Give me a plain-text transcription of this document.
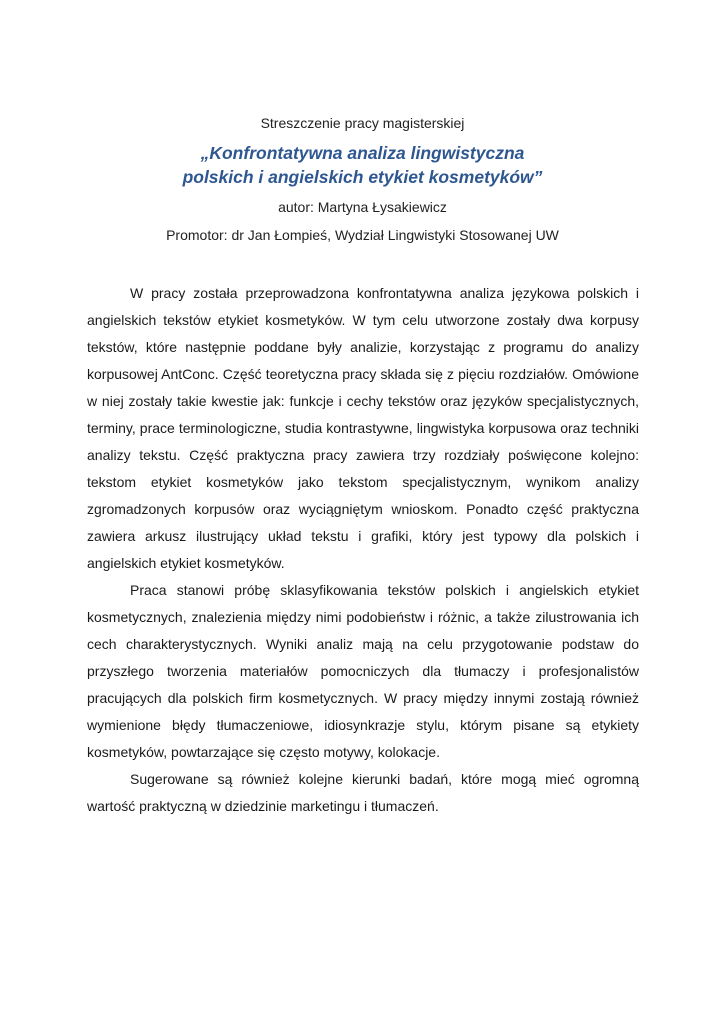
Streszczenie pracy magisterskiej

„Konfrontatywna analiza lingwistyczna
polskich i angielskich etykiet kosmetyków”

autor: Martyna Łysakiewicz

Promotor: dr Jan Łompieś, Wydział Lingwistyki Stosowanej UW

W pracy została przeprowadzona konfrontatywna analiza językowa polskich i angielskich tekstów etykiet kosmetyków. W tym celu utworzone zostały dwa korpusy tekstów, które następnie poddane były analizie, korzystając z programu do analizy korpusowej AntConc. Część teoretyczna pracy składa się z pięciu rozdziałów. Omówione w niej zostały takie kwestie jak: funkcje i cechy tekstów oraz języków specjalistycznych, terminy, prace terminologiczne, studia kontrastywne, lingwistyka korpusowa oraz techniki analizy tekstu. Część praktyczna pracy zawiera trzy rozdziały poświęcone kolejno: tekstom etykiet kosmetyków jako tekstom specjalistycznym, wynikom analizy zgromadzonych korpusów oraz wyciągniętym wnioskom. Ponadto część praktyczna zawiera arkusz ilustrujący układ tekstu i grafiki, który jest typowy dla polskich i angielskich etykiet kosmetyków.

Praca stanowi próbę sklasyfikowania tekstów polskich i angielskich etykiet kosmetycznych, znalezienia między nimi podobieństw i różnic, a także zilustrowania ich cech charakterystycznych. Wyniki analiz mają na celu przygotowanie podstaw do przyszłego tworzenia materiałów pomocniczych dla tłumaczy i profesjonalistów pracujących dla polskich firm kosmetycznych. W pracy między innymi zostają również wymienione błędy tłumaczeniowe, idiosynkrazje stylu, którym pisane są etykiety kosmetyków, powtarzające się często motywy, kolokacje.

Sugerowane są również kolejne kierunki badań, które mogą mieć ogromną wartość praktyczną w dziedzinie marketingu i tłumaczeń.
